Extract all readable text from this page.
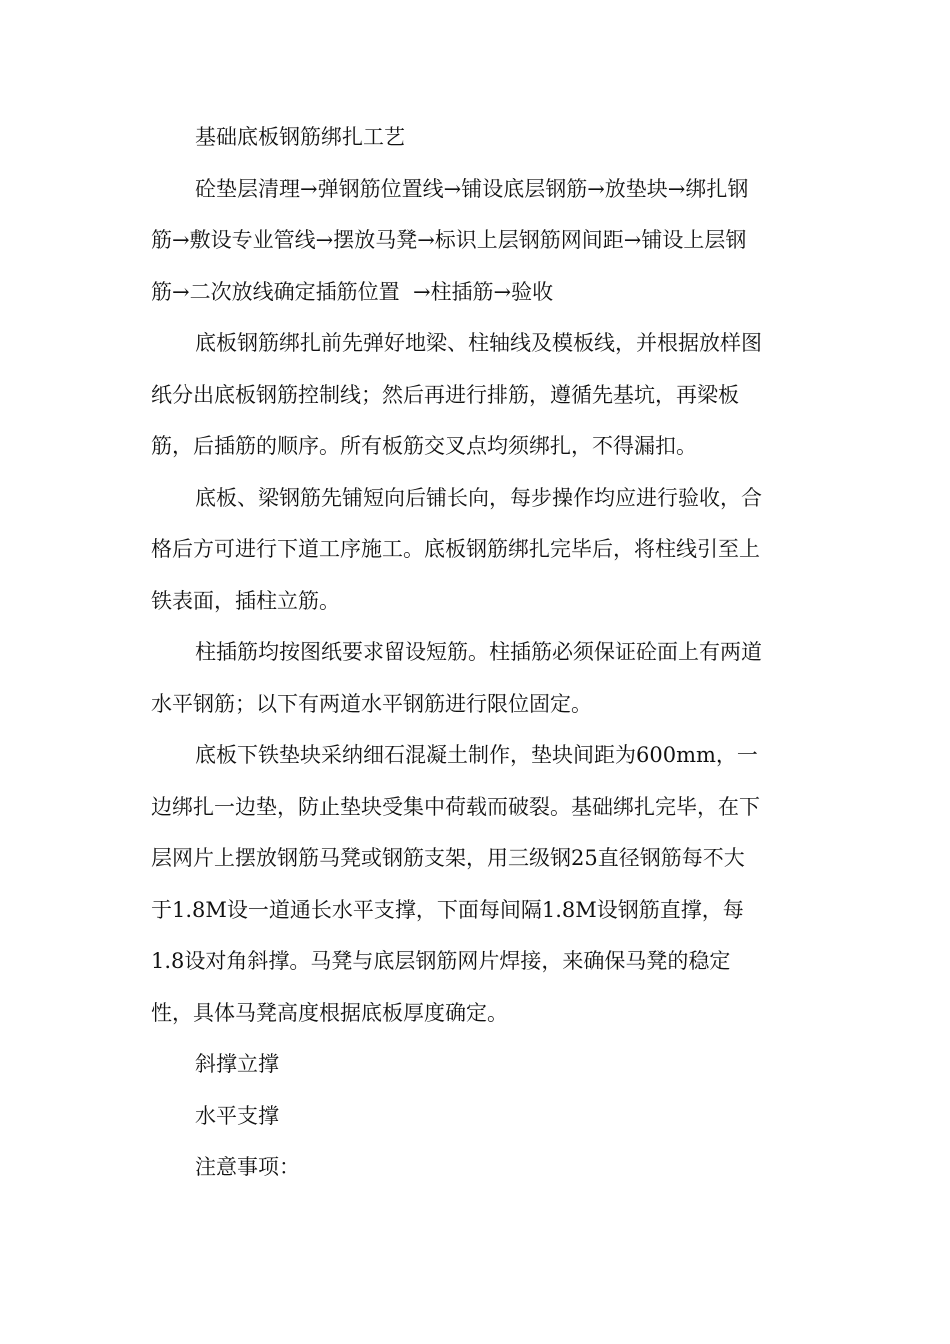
基础底板钢筋绑扎工艺
砼垫层清理→弹钢筋位置线→铺设底层钢筋→放垫块→绑扎钢
筋→敷设专业管线→摆放马凳→标识上层钢筋网间距→铺设上层钢
筋→二次放线确定插筋位置  →柱插筋→验收
底板钢筋绑扎前先弹好地梁、柱轴线及模板线，并根据放样图
纸分出底板钢筋控制线；然后再进行排筋，遵循先基坑，再梁板
筋，后插筋的顺序。所有板筋交叉点均须绑扎，不得漏扣。
底板、梁钢筋先铺短向后铺长向，每步操作均应进行验收，合
格后方可进行下道工序施工。底板钢筋绑扎完毕后，将柱线引至上
铁表面，插柱立筋。
柱插筋均按图纸要求留设短筋。柱插筋必须保证砼面上有两道
水平钢筋；以下有两道水平钢筋进行限位固定。
底板下铁垫块采纳细石混凝土制作，垫块间距为600mm，一
边绑扎一边垫，防止垫块受集中荷载而破裂。基础绑扎完毕，在下
层网片上摆放钢筋马凳或钢筋支架，用三级钢25直径钢筋每不大
于1.8M设一道通长水平支撑，下面每间隔1.8M设钢筋直撑，每
1.8设对角斜撑。马凳与底层钢筋网片焊接，来确保马凳的稳定
性，具体马凳高度根据底板厚度确定。
斜撑立撑
水平支撑
注意事项：
